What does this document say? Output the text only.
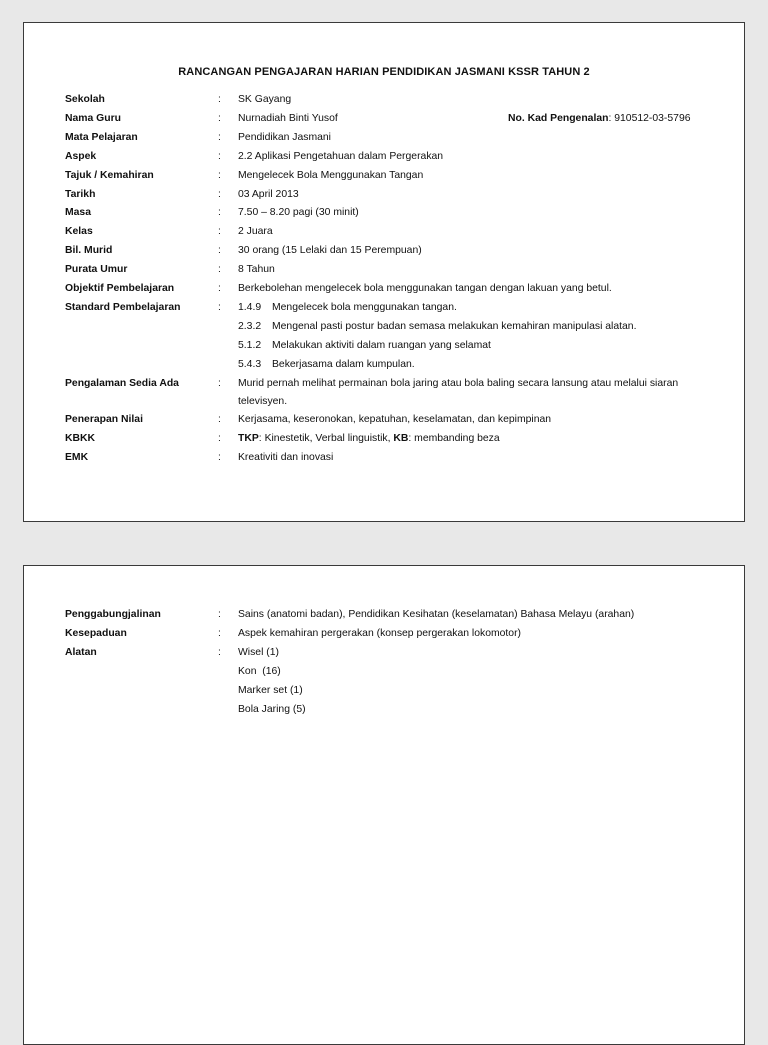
RANCANGAN PENGAJARAN HARIAN PENDIDIKAN JASMANI KSSR TAHUN 2
Sekolah	:	SK Gayang
Nama Guru	:	Nurnadiah Binti Yusof	No. Kad Pengenalan: 910512-03-5796
Mata Pelajaran	:	Pendidikan Jasmani
Aspek	:	2.2 Aplikasi Pengetahuan dalam Pergerakan
Tajuk / Kemahiran	:	Mengelecek Bola Menggunakan Tangan
Tarikh	:	03 April 2013
Masa	:	7.50 – 8.20 pagi (30 minit)
Kelas	:	2 Juara
Bil. Murid	:	30 orang (15 Lelaki dan 15 Perempuan)
Purata Umur	:	8 Tahun
Objektif Pembelajaran	:	Berkebolehan mengelecek bola menggunakan tangan dengan lakuan yang betul.
Standard Pembelajaran	:	1.4.9	Mengelecek bola menggunakan tangan.
2.3.2	Mengenal pasti postur badan semasa melakukan kemahiran manipulasi alatan.
5.1.2	Melakukan aktiviti dalam ruangan yang selamat
5.4.3	Bekerjasama dalam kumpulan.
Pengalaman Sedia Ada	:	Murid pernah melihat permainan bola jaring atau bola baling secara lansung atau melalui siaran
televisyen.
Penerapan Nilai	:	Kerjasama, keseronokan, kepatuhan, keselamatan, dan kepimpinan
KBKK	:	TKP: Kinestetik, Verbal linguistik, KB: membanding beza
EMK	:	Kreativiti dan inovasi
Penggabungjalinan	:	Sains (anatomi badan), Pendidikan Kesihatan (keselamatan) Bahasa Melayu (arahan)
Kesepaduan	:	Aspek kemahiran pergerakan (konsep pergerakan lokomotor)
Alatan	:	Wisel (1)
Kon  (16)
Marker set (1)
Bola Jaring (5)
